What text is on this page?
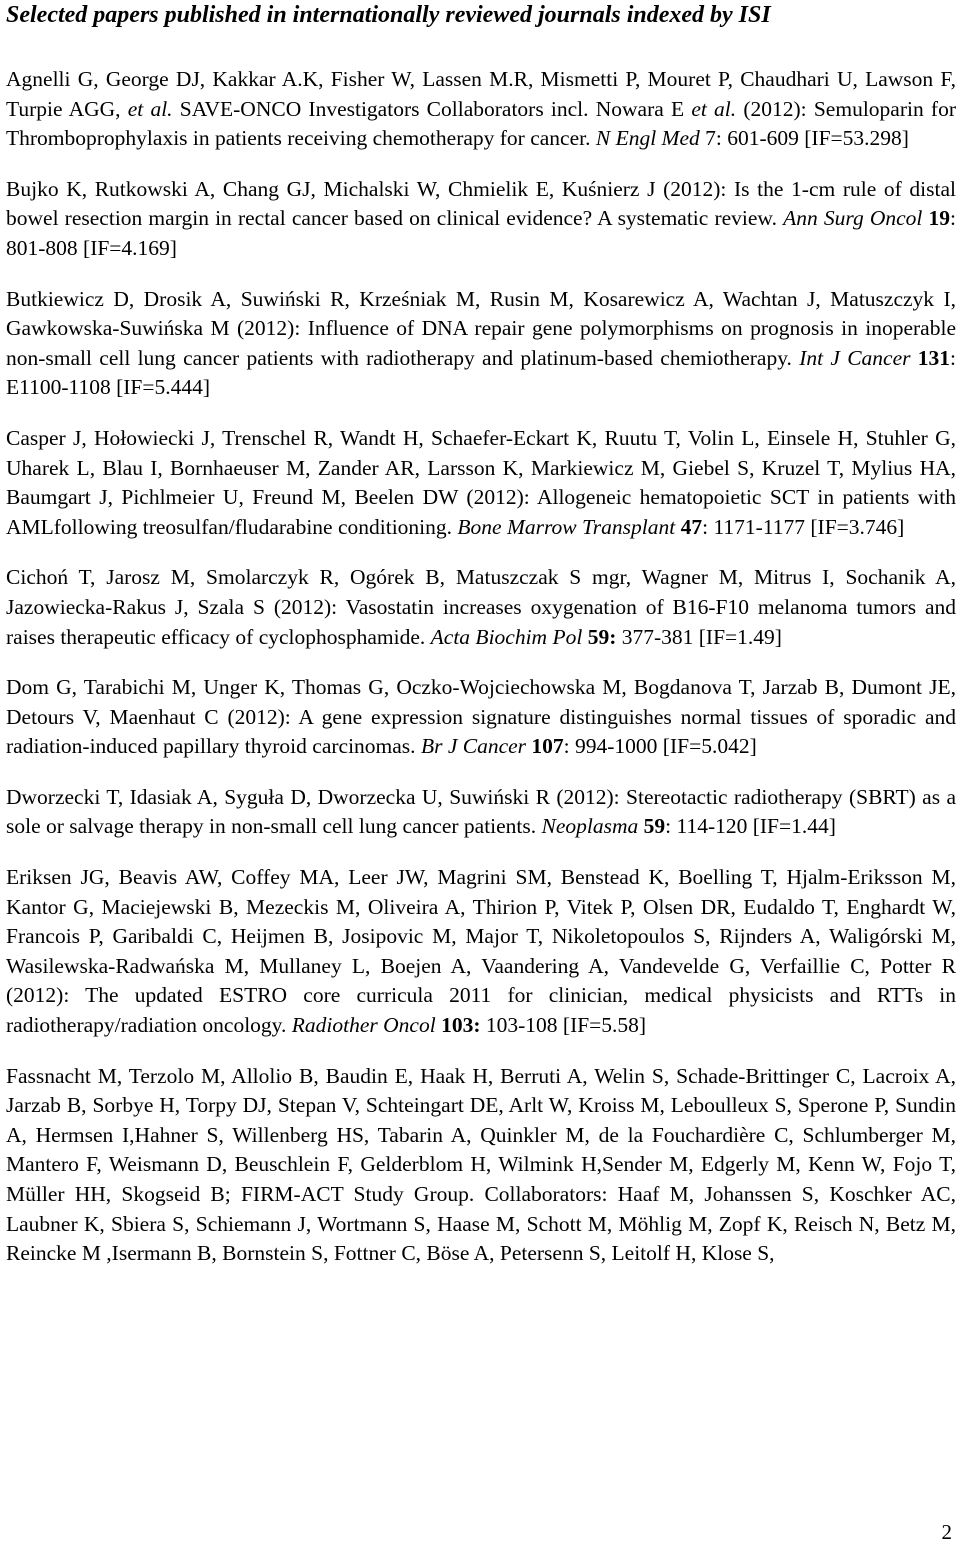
Selected papers published in internationally reviewed journals indexed by ISI

Agnelli G, George DJ, Kakkar A.K, Fisher W, Lassen M.R, Mismetti P, Mouret P, Chaudhari U, Lawson F, Turpie AGG, et al. SAVE-ONCO Investigators Collaborators incl. Nowara E et al. (2012): Semuloparin for Thromboprophylaxis in patients receiving chemotherapy for cancer. N Engl Med 7: 601-609 [IF=53.298]

Bujko K, Rutkowski A, Chang GJ, Michalski W, Chmielik E, Kuśnierz J (2012): Is the 1-cm rule of distal bowel resection margin in rectal cancer based on clinical evidence? A systematic review. Ann Surg Oncol 19: 801-808 [IF=4.169]

Butkiewicz D, Drosik A, Suwiński R, Krześniak M, Rusin M, Kosarewicz A, Wachtan J, Matuszczyk I, Gawkowska-Suwińska M (2012): Influence of DNA repair gene polymorphisms on prognosis in inoperable non-small cell lung cancer patients with radiotherapy and platinum-based chemiotherapy. Int J Cancer 131: E1100-1108 [IF=5.444]

Casper J, Hołowiecki J, Trenschel R, Wandt H, Schaefer-Eckart K, Ruutu T, Volin L, Einsele H, Stuhler G, Uharek L, Blau I, Bornhaeuser M, Zander AR, Larsson K, Markiewicz M, Giebel S, Kruzel T, Mylius HA, Baumgart J, Pichlmeier U, Freund M, Beelen DW (2012): Allogeneic hematopoietic SCT in patients with AMLfollowing treosulfan/fludarabine conditioning. Bone Marrow Transplant 47: 1171-1177 [IF=3.746]

Cichoń T, Jarosz M, Smolarczyk R, Ogórek B, Matuszczak S mgr, Wagner M, Mitrus I, Sochanik A, Jazowiecka-Rakus J, Szala S (2012): Vasostatin increases oxygenation of B16-F10 melanoma tumors and raises therapeutic efficacy of cyclophosphamide. Acta Biochim Pol 59: 377-381 [IF=1.49]

Dom G, Tarabichi M, Unger K, Thomas G, Oczko-Wojciechowska M, Bogdanova T, Jarzab B, Dumont JE, Detours V, Maenhaut C (2012): A gene expression signature distinguishes normal tissues of sporadic and radiation-induced papillary thyroid carcinomas. Br J Cancer 107: 994-1000 [IF=5.042]

Dworzecki T, Idasiak A, Syguła D, Dworzecka U, Suwiński R (2012): Stereotactic radiotherapy (SBRT) as a sole or salvage therapy in non-small cell lung cancer patients. Neoplasma 59: 114-120 [IF=1.44]

Eriksen JG, Beavis AW, Coffey MA, Leer JW, Magrini SM, Benstead K, Boelling T, Hjalm-Eriksson M, Kantor G, Maciejewski B, Mezeckis M, Oliveira A, Thirion P, Vitek P, Olsen DR, Eudaldo T, Enghardt W, Francois P, Garibaldi C, Heijmen B, Josipovic M, Major T, Nikoletopoulos S, Rijnders A, Waligórski M, Wasilewska-Radwańska M, Mullaney L, Boejen A, Vaandering A, Vandevelde G, Verfaillie C, Potter R (2012): The updated ESTRO core curricula 2011 for clinician, medical physicists and RTTs in radiotherapy/radiation oncology. Radiother Oncol 103: 103-108 [IF=5.58]

Fassnacht M, Terzolo M, Allolio B, Baudin E, Haak H, Berruti A, Welin S, Schade-Brittinger C, Lacroix A, Jarzab B, Sorbye H, Torpy DJ, Stepan V, Schteingart DE, Arlt W, Kroiss M, Leboulleux S, Sperone P, Sundin A, Hermsen I,Hahner S, Willenberg HS, Tabarin A, Quinkler M, de la Fouchardière C, Schlumberger M, Mantero F, Weismann D, Beuschlein F, Gelderblom H, Wilmink H,Sender M, Edgerly M, Kenn W, Fojo T, Müller HH, Skogseid B; FIRM-ACT Study Group. Collaborators: Haaf M, Johanssen S, Koschker AC, Laubner K, Sbiera S, Schiemann J, Wortmann S, Haase M, Schott M, Möhlig M, Zopf K, Reisch N, Betz M, Reincke M ,Isermann B, Bornstein S, Fottner C, Böse A, Petersenn S, Leitolf H, Klose S,

2
